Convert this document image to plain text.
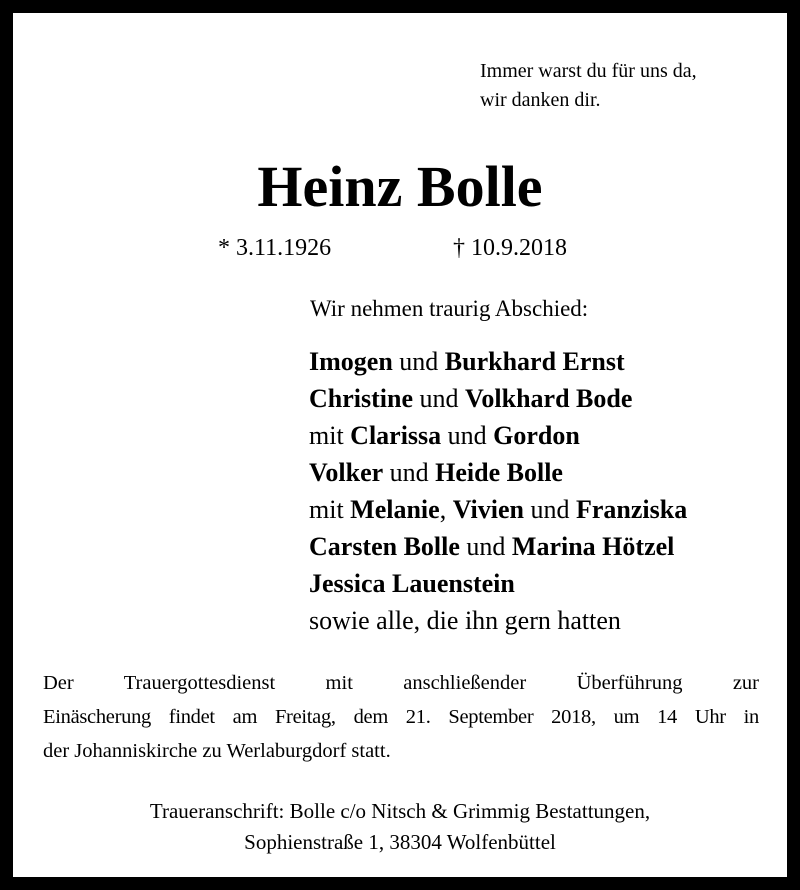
Immer warst du für uns da,
wir danken dir.
Heinz Bolle
* 3.11.1926	† 10.9.2018
Wir nehmen traurig Abschied:
Imogen und Burkhard Ernst
Christine und Volkhard Bode
mit Clarissa und Gordon
Volker und Heide Bolle
mit Melanie, Vivien und Franziska
Carsten Bolle und Marina Hötzel
Jessica Lauenstein
sowie alle, die ihn gern hatten
Der Trauergottesdienst mit anschließender Überführung zur
Einäscherung findet am Freitag, dem 21. September 2018, um 14 Uhr in
der Johanniskirche zu Werlaburgdorf statt.
Traueranschrift: Bolle c/o Nitsch & Grimmig Bestattungen,
Sophienstraße 1, 38304 Wolfenbüttel
